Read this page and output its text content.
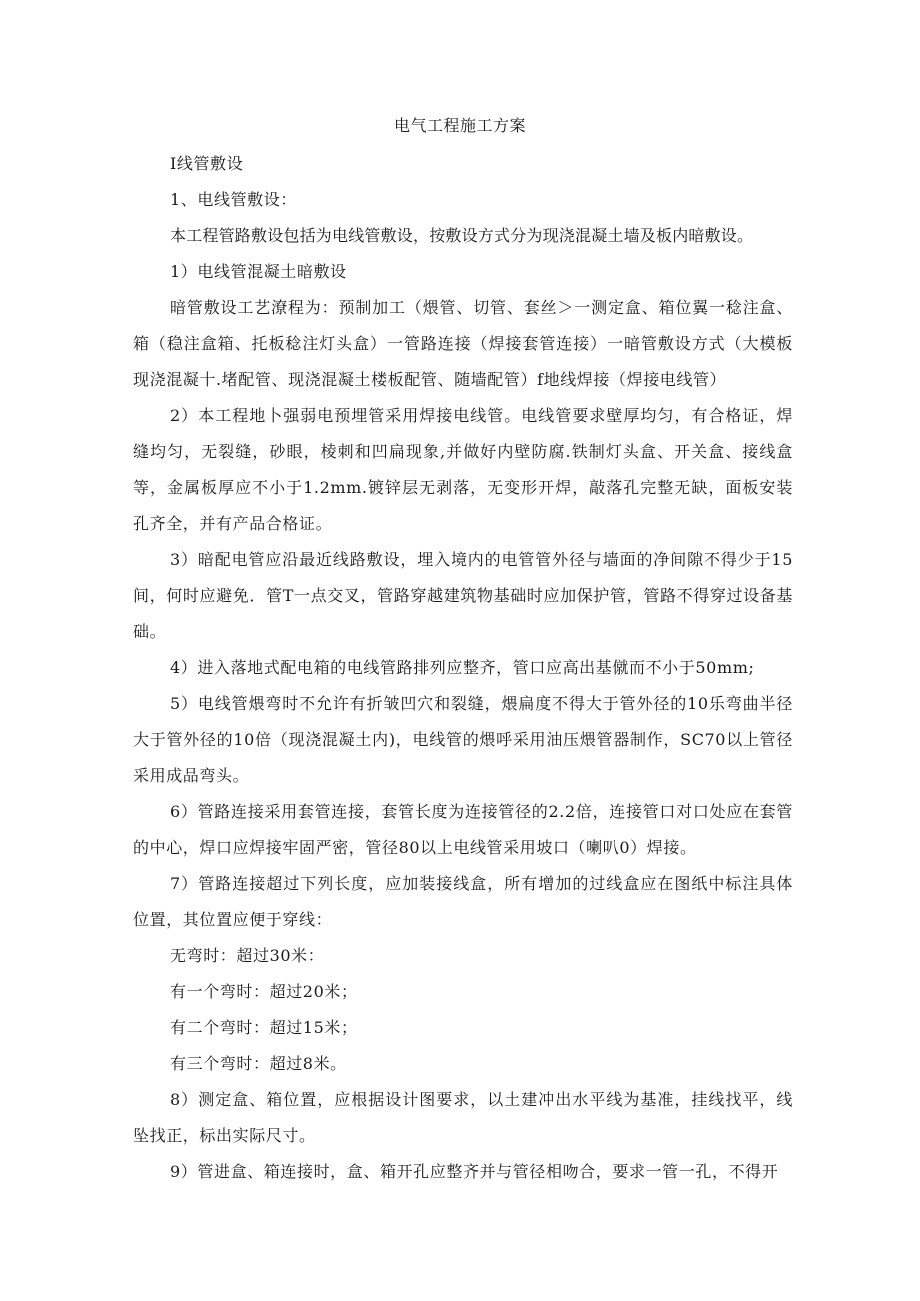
电气工程施工方案

I线管敷设

1、电线管敷设：

本工程管路敷设包括为电线管敷设，按敷设方式分为现浇混凝土墙及板内暗敷设。

1）电线管混凝土暗敷设

暗管敷设工艺潦程为：预制加工（煨管、切管、套丝＞一测定盒、箱位翼一稔注盒、箱（稳注盒箱、托板稔注灯头盒）一管路连接（焊接套管连接）一暗管敷设方式（大模板现浇混凝十.堵配管、现浇混凝土楼板配管、随墙配管）f地线焊接（焊接电线管）

2）本工程地卜强弱电预埋管采用焊接电线管。电线管要求壁厚均匀，有合格证，焊缝均匀，无裂缝，砂眼，棱刺和凹扁现象,并做好内壁防腐.铁制灯头盒、开关盒、接线盒等，金属板厚应不小于1.2mm.镀锌层无剥落，无变形开焊，敲落孔完整无缺，面板安装孔齐全，并有产品合格证。

3）暗配电管应沿最近线路敷设，埋入境内的电管管外径与墙面的净间隙不得少于15间，何时应避免．管T一点交叉，管路穿越建筑物基础时应加保护管，管路不得穿过设备基础。

4）进入落地式配电箱的电线管路排列应整齐，管口应高出基僦而不小于50mm;

5）电线管煨弯时不允许有折皱凹穴和裂缝，煨扁度不得大于管外径的10乐弯曲半径大于管外径的10倍（现浇混凝土内)，电线管的煨呼采用油压煨管器制作，SC70以上管径采用成品弯头。

6）管路连接采用套管连接，套管长度为连接管径的2.2倍，连接管口对口处应在套管的中心，焊口应焊接牢固严密，管径80以上电线管采用坡口（喇叭0）焊接。

7）管路连接超过下列长度，应加装接线盒，所有增加的过线盒应在图纸中标注具体位置，其位置应便于穿线：

无弯时：超过30米：

有一个弯时：超过20米；

有二个弯时：超过15米；

有三个弯时：超过8米。

8）测定盒、箱位置，应根据设计图要求，以土建冲出水平线为基准，挂线找平，线坠找正，标出实际尺寸。

9）管进盒、箱连接时，盒、箱开孔应整齐并与管径相吻合，要求一管一孔，不得开
